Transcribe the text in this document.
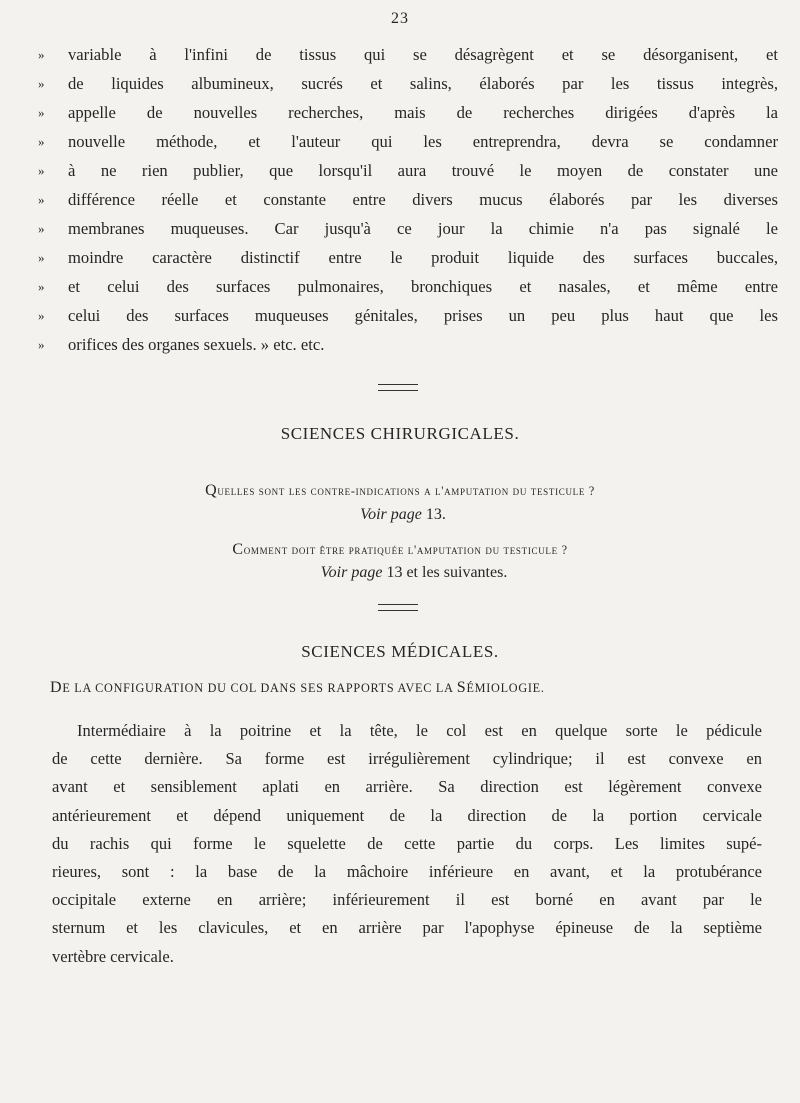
23
»	variable à l'infini de tissus qui se désagrègent et se désorganisent, et
»	de liquides albumineux, sucrés et salins, élaborés par les tissus integrès,
»	appelle de nouvelles recherches, mais de recherches dirigées d'après la
»	nouvelle méthode, et l'auteur qui les entreprendra, devra se condamner
»	à ne rien publier, que lorsqu'il aura trouvé le moyen de constater une
»	différence réelle et constante entre divers mucus élaborés par les diverses
»	membranes muqueuses. Car jusqu'à ce jour la chimie n'a pas signalé le
»	moindre caractère distinctif entre le produit liquide des surfaces buccales,
»	et celui des surfaces pulmonaires, bronchiques et nasales, et même entre
»	celui des surfaces muqueuses génitales, prises un peu plus haut que les
»	orifices des organes sexuels. » etc. etc.
SCIENCES CHIRURGICALES.
Quelles sont les contre-indications a l'amputation du testicule ?
Voir page 13.
Comment doit être pratiquée l'amputation du testicule ?
Voir page 13 et les suivantes.
SCIENCES MÉDICALES.
DE LA CONFIGURATION DU COL DANS SES RAPPORTS AVEC LA SÉMIOLOGIE.
Intermédiaire à la poitrine et la tête, le col est en quelque sorte le pédicule
de cette dernière. Sa forme est irrégulièrement cylindrique; il est convexe en
avant et sensiblement aplati en arrière. Sa direction est légèrement convexe
antérieurement et dépend uniquement de la direction de la portion cervicale
du rachis qui forme le squelette de cette partie du corps. Les limites supé-
rieures, sont : la base de la mâchoire inférieure en avant, et la protubérance
occipitale externe en arrière; inférieurement il est borné en avant par le
sternum et les clavicules, et en arrière par l'apophyse épineuse de la septième
vertèbre cervicale.
